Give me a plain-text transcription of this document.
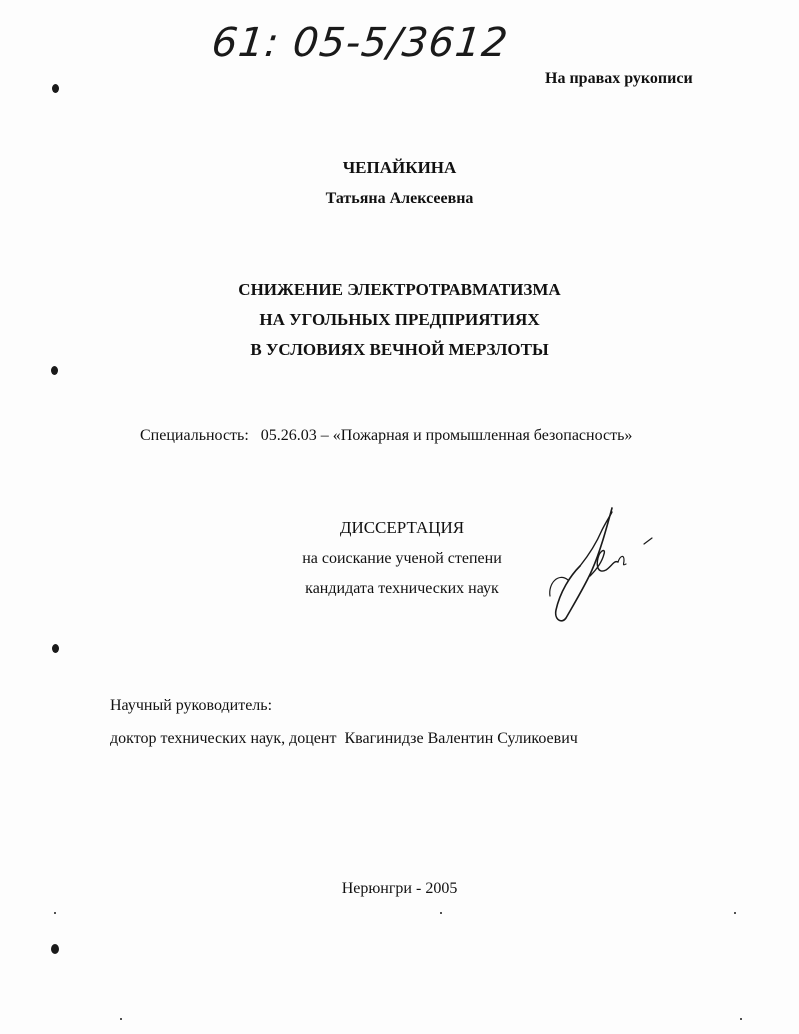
61: 05-5/3612
На правах рукописи
ЧЕПАЙКИНА
Татьяна Алексеевна
СНИЖЕНИЕ ЭЛЕКТРОТРАВМАТИЗМА
НА УГОЛЬНЫХ ПРЕДПРИЯТИЯХ
В УСЛОВИЯХ ВЕЧНОЙ МЕРЗЛОТЫ
Специальность: 05.26.03 – «Пожарная и промышленная безопасность»
ДИССЕРТАЦИЯ
на соискание ученой степени
кандидата технических наук
Научный руководитель:
доктор технических наук, доцент Квагинидзе Валентин Суликоевич
Нерюнгри - 2005
